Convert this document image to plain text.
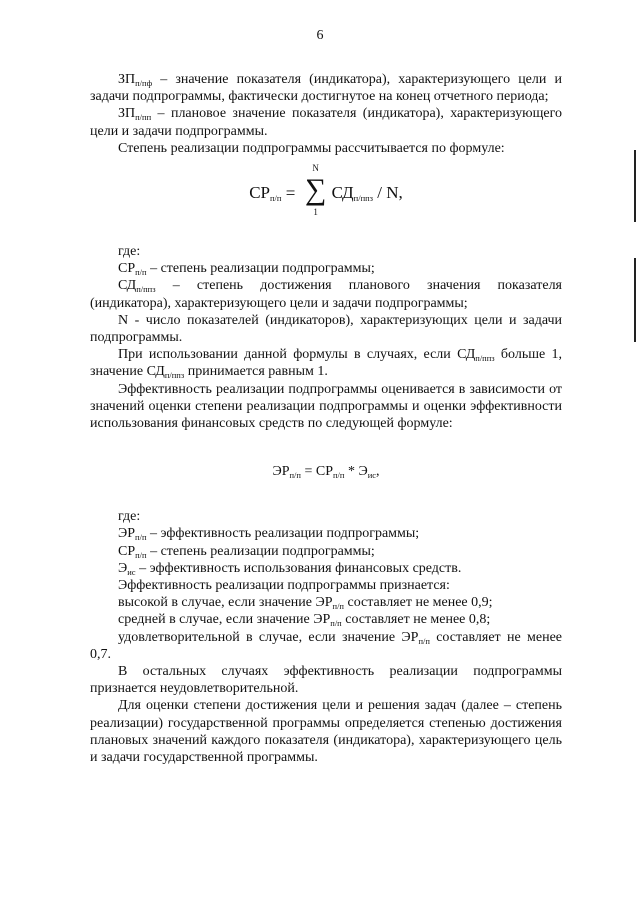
6

$ЗП_{п/пф}$ – значение показателя (индикатора), характеризующего цели и задачи подпрограммы, фактически достигнутое на конец отчетного периода;

$ЗП_{п/пп}$ – плановое значение показателя (индикатора), характеризующего цели и задачи подпрограммы.

Степень реализации подпрограммы рассчитывается по формуле:

$СР_{п/п}$ =
N
∑
1
$СД_{п/ппз}$ / N,

где:

$СР_{п/п}$ – степень реализации подпрограммы;

$СД_{п/ппз}$ – степень достижения планового значения показателя (индикатора), характеризующего цели и задачи подпрограммы;

N - число показателей (индикаторов), характеризующих цели и задачи подпрограммы.

При использовании данной формулы в случаях, если $СД_{п/ппз}$ больше 1, значение $СД_{п/ппз}$ принимается равным 1.

Эффективность реализации подпрограммы оценивается в зависимости от значений оценки степени реализации подпрограммы и оценки эффективности использования финансовых средств по следующей формуле:

$ЭР_{п/п} = СР_{п/п} * Э_{ис}$,

где:

$ЭР_{п/п}$ – эффективность реализации подпрограммы;

$СР_{п/п}$ – степень реализации подпрограммы;

$Э_{ис}$ – эффективность использования финансовых средств.

Эффективность реализации подпрограммы признается:

высокой в случае, если значение $ЭР_{п/п}$ составляет не менее 0,9;

средней в случае, если значение $ЭР_{п/п}$ составляет не менее 0,8;

удовлетворительной в случае, если значение $ЭР_{п/п}$ составляет не менее 0,7.

В остальных случаях эффективность реализации подпрограммы признается неудовлетворительной.

Для оценки степени достижения цели и решения задач (далее – степень реализации) государственной программы определяется степенью достижения плановых значений каждого показателя (индикатора), характеризующего цель и задачи государственной программы.
